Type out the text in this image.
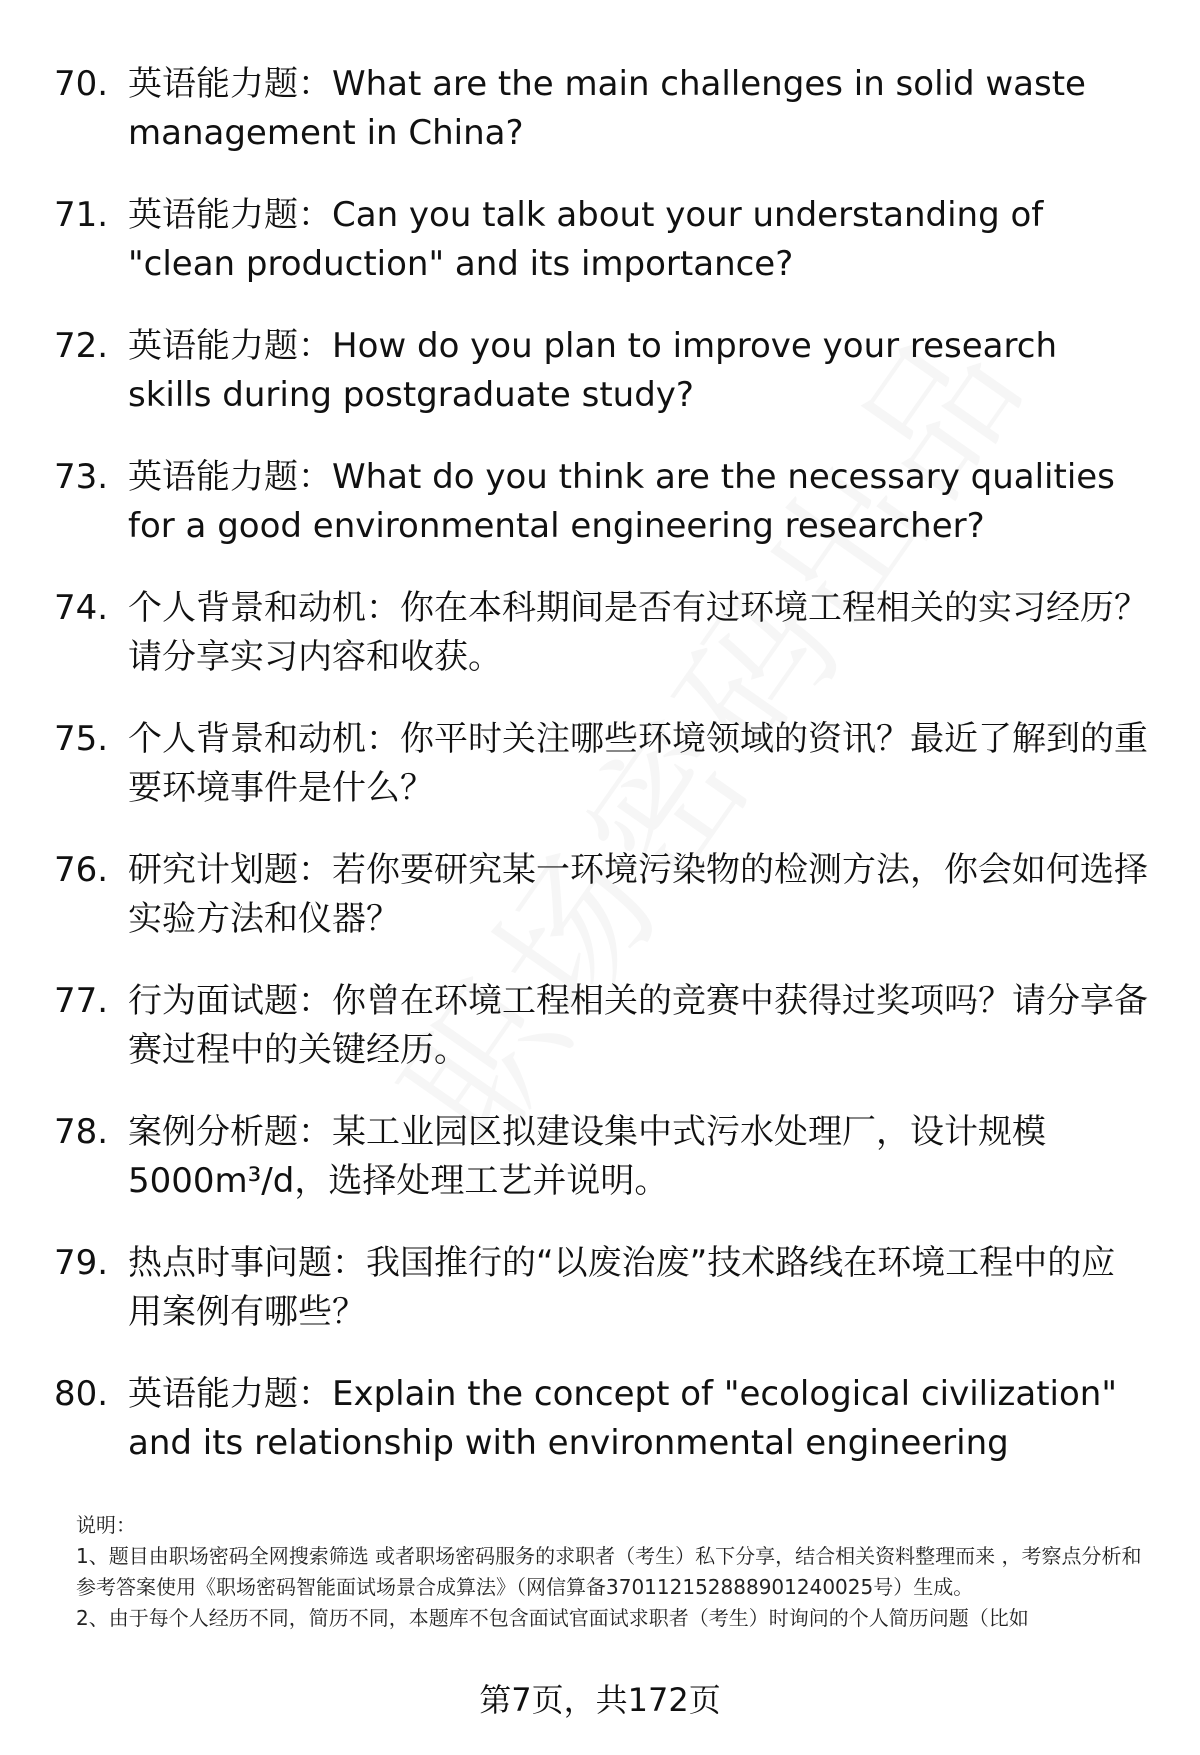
70. 英语能力题：What are the main challenges in solid waste management in China?
71. 英语能力题：Can you talk about your understanding of "clean production" and its importance?
72. 英语能力题：How do you plan to improve your research skills during postgraduate study?
73. 英语能力题：What do you think are the necessary qualities for a good environmental engineering researcher?
74. 个人背景和动机：你在本科期间是否有过环境工程相关的实习经历？请分享实习内容和收获。
75. 个人背景和动机：你平时关注哪些环境领域的资讯？最近了解到的重要环境事件是什么？
76. 研究计划题：若你要研究某一环境污染物的检测方法，你会如何选择实验方法和仪器？
77. 行为面试题：你曾在环境工程相关的竞赛中获得过奖项吗？请分享备赛过程中的关键经历。
78. 案例分析题：某工业园区拟建设集中式污水处理厂，设计规模5000m³/d，选择处理工艺并说明。
79. 热点时事问题：我国推行的“以废治废”技术路线在环境工程中的应用案例有哪些？
80. 英语能力题：Explain the concept of "ecological civilization" and its relationship with environmental engineering

说明：

1、题目由职场密码全网搜索筛选 或者职场密码服务的求职者（考生）私下分享，结合相关资料整理而来 ，考察点分析和参考答案使用《职场密码智能面试场景合成算法》（网信算备370112152888901240025号）生成。

2、由于每个人经历不同，简历不同，本题库不包含面试官面试求职者（考生）时询问的个人简历问题（比如

第7页，共172页
